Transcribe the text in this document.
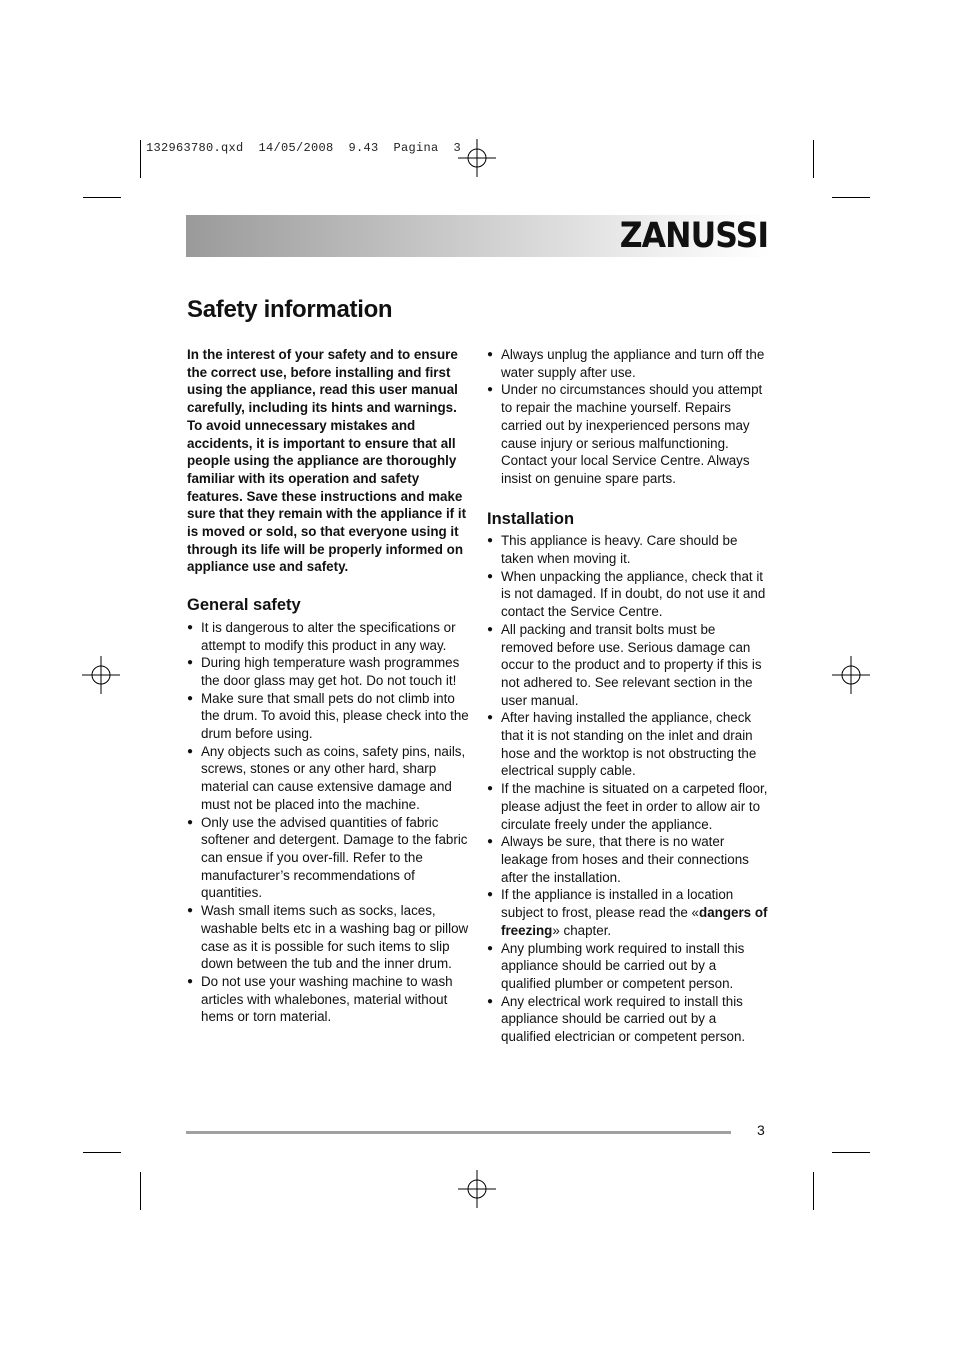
132963780.qxd  14/05/2008  9.43  Pagina  3
ZANUSSI
Safety information

In the interest of your safety and to ensure the correct use, before installing and first using the appliance, read this user manual carefully, including its hints and warnings. To avoid unnecessary mistakes and accidents, it is important to ensure that all people using the appliance are thoroughly familiar with its operation and safety features. Save these instructions and make sure that they remain with the appliance if it is moved or sold, so that everyone using it through its life will be properly informed on appliance use and safety.

General safety
● It is dangerous to alter the specifications or attempt to modify this product in any way.
● During high temperature wash programmes the door glass may get hot. Do not touch it!
● Make sure that small pets do not climb into the drum. To avoid this, please check into the drum before using.
● Any objects such as coins, safety pins, nails, screws, stones or any other hard, sharp material can cause extensive damage and must not be placed into the machine.
● Only use the advised quantities of fabric softener and detergent. Damage to the fabric can ensue if you over-fill. Refer to the manufacturer’s recommendations of quantities.
● Wash small items such as socks, laces, washable belts etc in a washing bag or pillow case as it is possible for such items to slip down between the tub and the inner drum.
● Do not use your washing machine to wash articles with whalebones, material without hems or torn material.
● Always unplug the appliance and turn off the water supply after use.
● Under no circumstances should you attempt to repair the machine yourself. Repairs carried out by inexperienced persons may cause injury or serious malfunctioning. Contact your local Service Centre. Always insist on genuine spare parts.
Installation
● This appliance is heavy. Care should be taken when moving it.
● When unpacking the appliance, check that it is not damaged. If in doubt, do not use it and contact the Service Centre.
● All packing and transit bolts must be removed before use. Serious damage can occur to the product and to property if this is not adhered to. See relevant section in the user manual.
● After having installed the appliance, check that it is not standing on the inlet and drain hose and the worktop is not obstructing the electrical supply cable.
● If the machine is situated on a carpeted floor, please adjust the feet in order to allow air to circulate freely under the appliance.
● Always be sure, that there is no water leakage from hoses and their connections after the installation.
● If the appliance is installed in a location subject to frost, please read the «dangers of freezing» chapter.
● Any plumbing work required to install this appliance should be carried out by a qualified plumber or competent person.
● Any electrical work required to install this appliance should be carried out by a qualified electrician or competent person.
3
